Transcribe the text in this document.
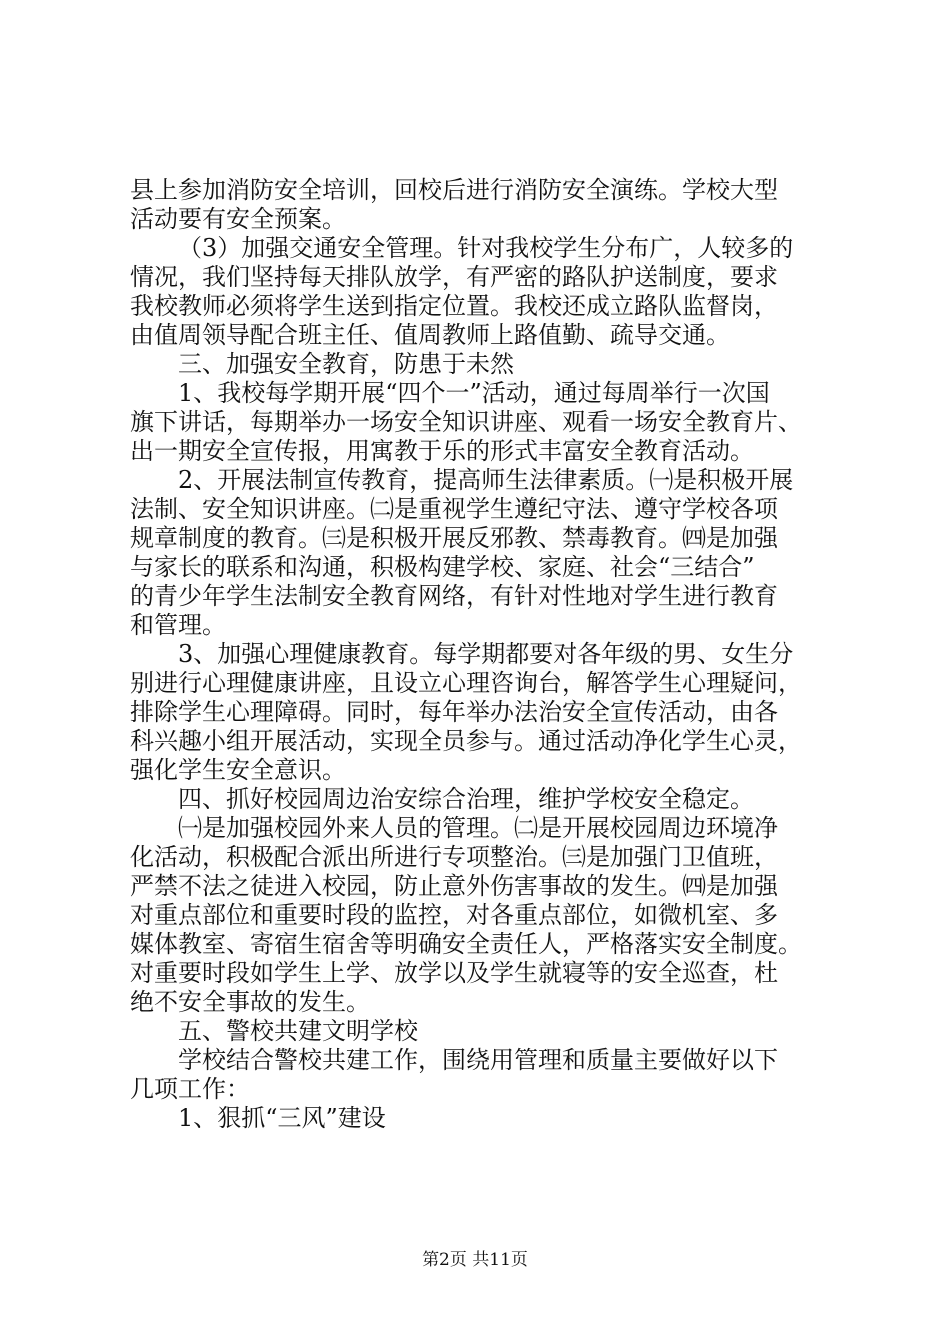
县上参加消防安全培训，回校后进行消防安全演练。学校大型
活动要有安全预案。
（3）加强交通安全管理。针对我校学生分布广，人较多的
情况，我们坚持每天排队放学，有严密的路队护送制度，要求
我校教师必须将学生送到指定位置。我校还成立路队监督岗，
由值周领导配合班主任、值周教师上路值勤、疏导交通。
三、加强安全教育，防患于未然
1、我校每学期开展“四个一”活动，通过每周举行一次国
旗下讲话，每期举办一场安全知识讲座、观看一场安全教育片、
出一期安全宣传报，用寓教于乐的形式丰富安全教育活动。
2、开展法制宣传教育，提高师生法律素质。㈠是积极开展
法制、安全知识讲座。㈡是重视学生遵纪守法、遵守学校各项
规章制度的教育。㈢是积极开展反邪教、禁毒教育。㈣是加强
与家长的联系和沟通，积极构建学校、家庭、社会“三结合”
的青少年学生法制安全教育网络，有针对性地对学生进行教育
和管理。
3、加强心理健康教育。每学期都要对各年级的男、女生分
别进行心理健康讲座，且设立心理咨询台，解答学生心理疑问，
排除学生心理障碍。同时，每年举办法治安全宣传活动，由各
科兴趣小组开展活动，实现全员参与。通过活动净化学生心灵，
强化学生安全意识。
四、抓好校园周边治安综合治理，维护学校安全稳定。
㈠是加强校园外来人员的管理。㈡是开展校园周边环境净
化活动，积极配合派出所进行专项整治。㈢是加强门卫值班，
严禁不法之徒进入校园，防止意外伤害事故的发生。㈣是加强
对重点部位和重要时段的监控，对各重点部位，如微机室、多
媒体教室、寄宿生宿舍等明确安全责任人，严格落实安全制度。
对重要时段如学生上学、放学以及学生就寝等的安全巡查，杜
绝不安全事故的发生。
五、警校共建文明学校
学校结合警校共建工作，围绕用管理和质量主要做好以下
几项工作：
1、狠抓“三风”建设
第2页 共11页
